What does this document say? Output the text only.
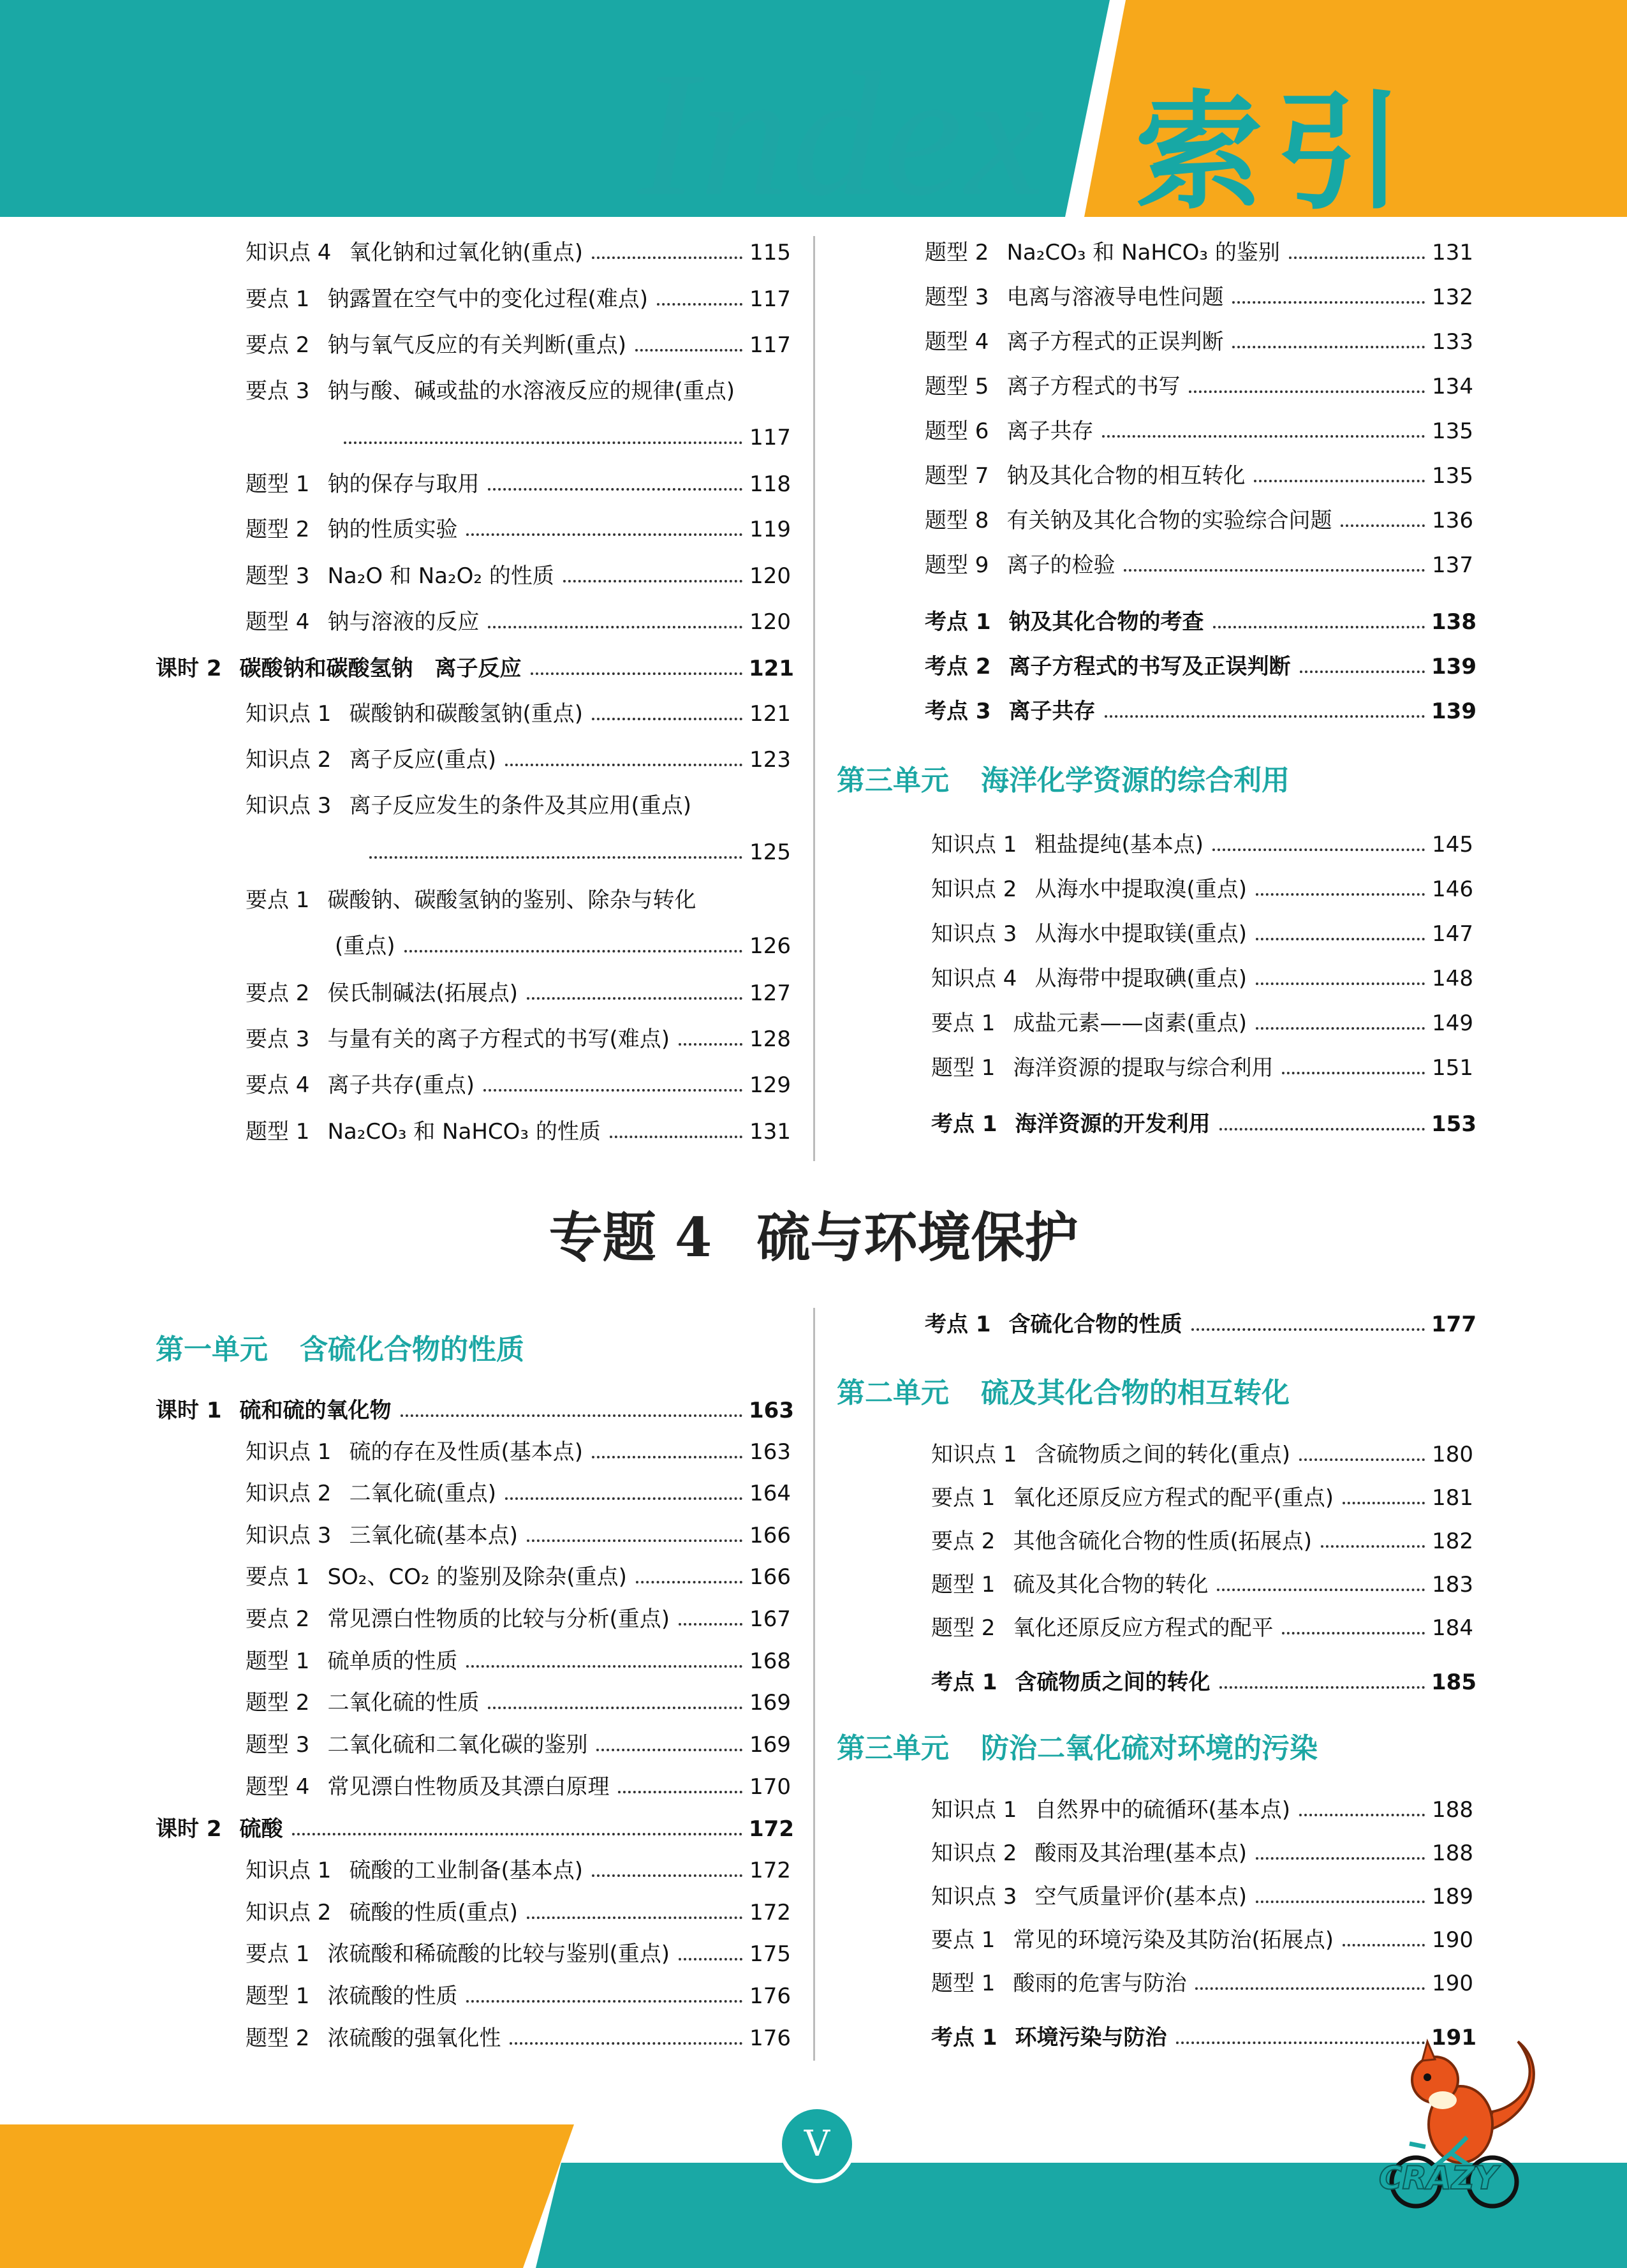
Index 索引
知识点 4 氧化钠和过氧化钠(重点)	115
要点 1 钠露置在空气中的变化过程(难点)	117
要点 2 钠与氧气反应的有关判断(重点)	117
要点 3 钠与酸、碱或盐的水溶液反应的规律(重点)
117
题型 1 钠的保存与取用	118
题型 2 钠的性质实验	119
题型 3 Na₂O 和 Na₂O₂ 的性质	120
题型 4 钠与溶液的反应	120
课时 2 碳酸钠和碳酸氢钠　离子反应	121
知识点 1 碳酸钠和碳酸氢钠(重点)	121
知识点 2 离子反应(重点)	123
知识点 3 离子反应发生的条件及其应用(重点)
125
要点 1 碳酸钠、碳酸氢钠的鉴别、除杂与转化
(重点)	126
要点 2 侯氏制碱法(拓展点)	127
要点 3 与量有关的离子方程式的书写(难点)	128
要点 4 离子共存(重点)	129
题型 1 Na₂CO₃ 和 NaHCO₃ 的性质	131
题型 2 Na₂CO₃ 和 NaHCO₃ 的鉴别	131
题型 3 电离与溶液导电性问题	132
题型 4 离子方程式的正误判断	133
题型 5 离子方程式的书写	134
题型 6 离子共存	135
题型 7 钠及其化合物的相互转化	135
题型 8 有关钠及其化合物的实验综合问题	136
题型 9 离子的检验	137
考点 1 钠及其化合物的考查	138
考点 2 离子方程式的书写及正误判断	139
考点 3 离子共存	139
第三单元 海洋化学资源的综合利用
知识点 1 粗盐提纯(基本点)	145
知识点 2 从海水中提取溴(重点)	146
知识点 3 从海水中提取镁(重点)	147
知识点 4 从海带中提取碘(重点)	148
要点 1 成盐元素——卤素(重点)	149
题型 1 海洋资源的提取与综合利用	151
考点 1 海洋资源的开发利用	153
专题 4 硫与环境保护
第一单元 含硫化合物的性质
课时 1 硫和硫的氧化物	163
知识点 1 硫的存在及性质(基本点)	163
知识点 2 二氧化硫(重点)	164
知识点 3 三氧化硫(基本点)	166
要点 1 SO₂、CO₂ 的鉴别及除杂(重点)	166
要点 2 常见漂白性物质的比较与分析(重点)	167
题型 1 硫单质的性质	168
题型 2 二氧化硫的性质	169
题型 3 二氧化硫和二氧化碳的鉴别	169
题型 4 常见漂白性物质及其漂白原理	170
课时 2 硫酸	172
知识点 1 硫酸的工业制备(基本点)	172
知识点 2 硫酸的性质(重点)	172
要点 1 浓硫酸和稀硫酸的比较与鉴别(重点)	175
题型 1 浓硫酸的性质	176
题型 2 浓硫酸的强氧化性	176
考点 1 含硫化合物的性质	177
第二单元 硫及其化合物的相互转化
知识点 1 含硫物质之间的转化(重点)	180
要点 1 氧化还原反应方程式的配平(重点)	181
要点 2 其他含硫化合物的性质(拓展点)	182
题型 1 硫及其化合物的转化	183
题型 2 氧化还原反应方程式的配平	184
考点 1 含硫物质之间的转化	185
第三单元 防治二氧化硫对环境的污染
知识点 1 自然界中的硫循环(基本点)	188
知识点 2 酸雨及其治理(基本点)	188
知识点 3 空气质量评价(基本点)	189
要点 1 常见的环境污染及其防治(拓展点)	190
题型 1 酸雨的危害与防治	190
考点 1 环境污染与防治	191
V
CRAZY
